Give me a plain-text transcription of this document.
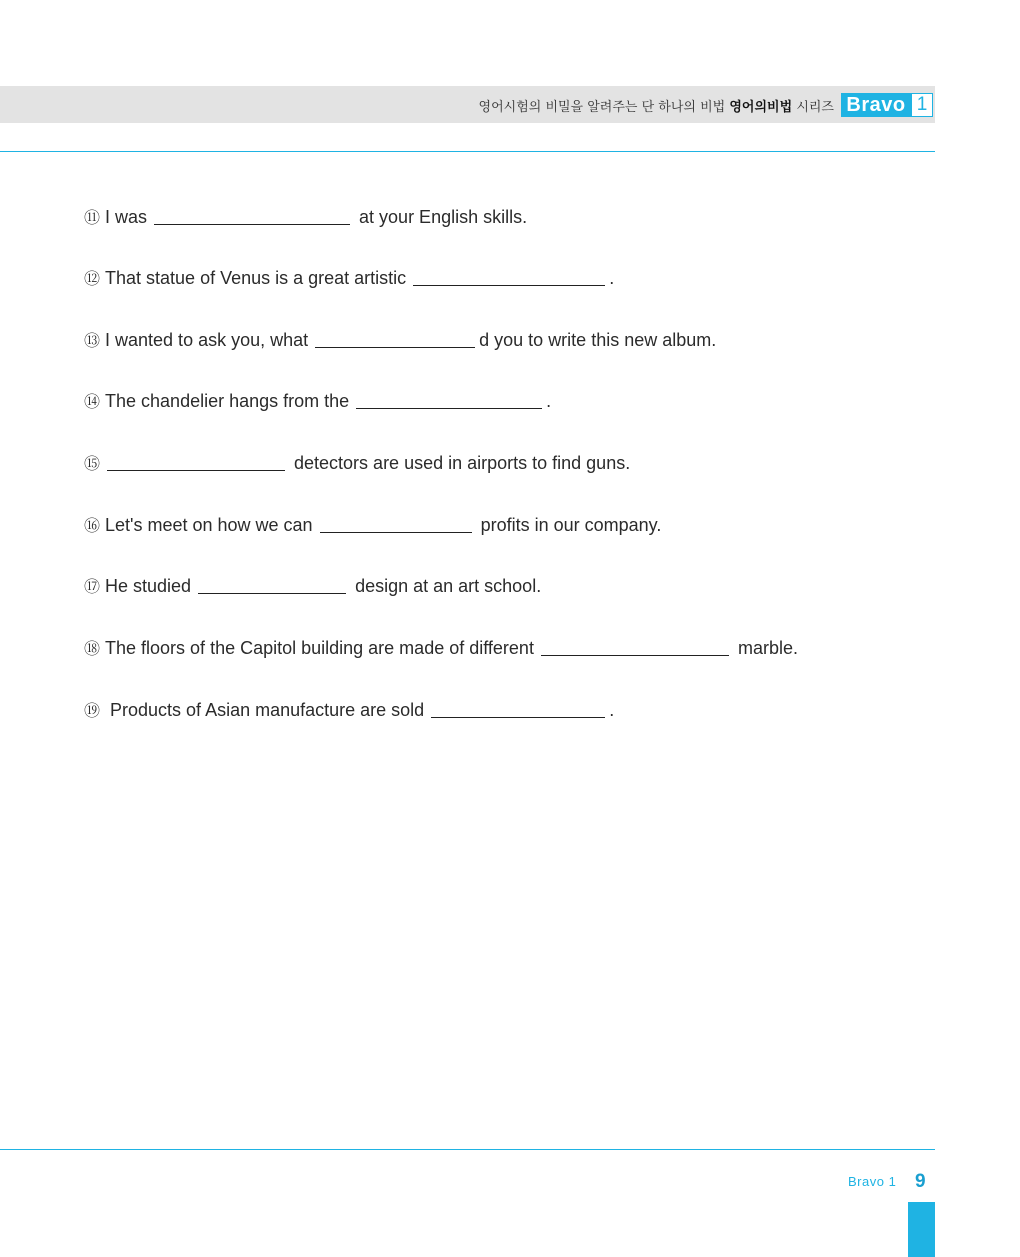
영어시험의 비밀을 알려주는 단 하나의 비법 영어의비법 시리즈 Bravo 1
⑪ I was	at your English skills.
⑫ That statue of Venus is a great artistic	.
⑬ I wanted to ask you, what	d you to write this new album.
⑭ The chandelier hangs from the	.
⑮	detectors are used in airports to find guns.
⑯ Let's meet on how we can	profits in our company.
⑰ He studied	design at an art school.
⑱ The floors of the Capitol building are made of different	marble.
⑲ Products of Asian manufacture are sold	.
Bravo 1 9
